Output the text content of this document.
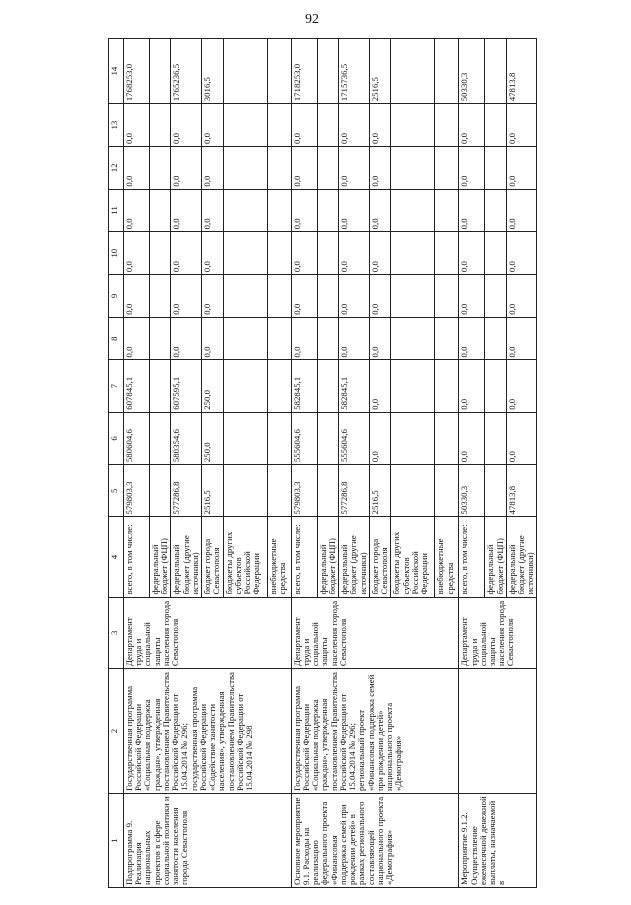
92
1	2	3	4	5	6	7	8	9	10	11	12	13	14
Подпрограмма 9. Реализация национальных проектов в сфере социальной политики и занятости населения города Севастополя	Государственная программа Российской Федерации «Социальная поддержка граждан», утвержденная постановлением Правительства Российской Федерации от 15.04.2014 № 296; государственная программа Российской Федерации «Содействие занятости населения», утвержденная постановлением Правительства Российской Федерации от 15.04.2014 № 298	Департамент труда и социальной защиты населения города Севастополя	всего, в том числе:	579803,3	580604,6	607845,1	0,0	0,0	0,0	0,0	0,0	0,0	1768253,0
			федеральный бюджет (ФЦП)										
			федеральный бюджет (другие источники)	577286,8	580354,6	607595,1	0,0	0,0	0,0	0,0	0,0	0,0	1765236,5
			бюджет города Севастополя	2516,5	250,0	250,0	0,0	0,0	0,0	0,0	0,0	0,0	3016,5
			бюджеты других субъектов Российской Федерации										
			внебюджетные средства										
Основное мероприятие 9.1. Расходы на реализацию федерального проекта «Финансовая поддержка семей при рождении детей» в рамках регионального составляющей национального проекта «Демография»	Государственная программа Российской Федерации «Социальная поддержка граждан», утвержденная постановлением Правительства Российской Федерации от 15.04.2014 № 296; региональный проект «Финансовая поддержка семей при рождении детей» национального проекта «Демография»	Департамент труда и социальной защиты населения города Севастополя	всего, в том числе:	579803,3	555604,6	582845,1	0,0	0,0	0,0	0,0	0,0	0,0	1718253,0
			федеральный бюджет (ФЦП)										
			федеральный бюджет (другие источники)	577286,8	555604,6	582845,1	0,0	0,0	0,0	0,0	0,0	0,0	1715736,5
			бюджет города Севастополя	2516,5	0,0	0,0	0,0	0,0	0,0	0,0	0,0	0,0	2516,5
			бюджеты других субъектов Российской Федерации										
			внебюджетные средства										
Мероприятие 9.1.2. Осуществление ежемесячной денежной выплаты, назначаемой в		Департамент труда и социальной защиты населения города Севастополя	всего, в том числе:	50330,3	0,0	0,0	0,0	0,0	0,0	0,0	0,0	0,0	50330,3
			федеральный бюджет (ФЦП)										
			федеральный бюджет (другие источники)	47813,8	0,0	0,0	0,0	0,0	0,0	0,0	0,0	0,0	47813,8
